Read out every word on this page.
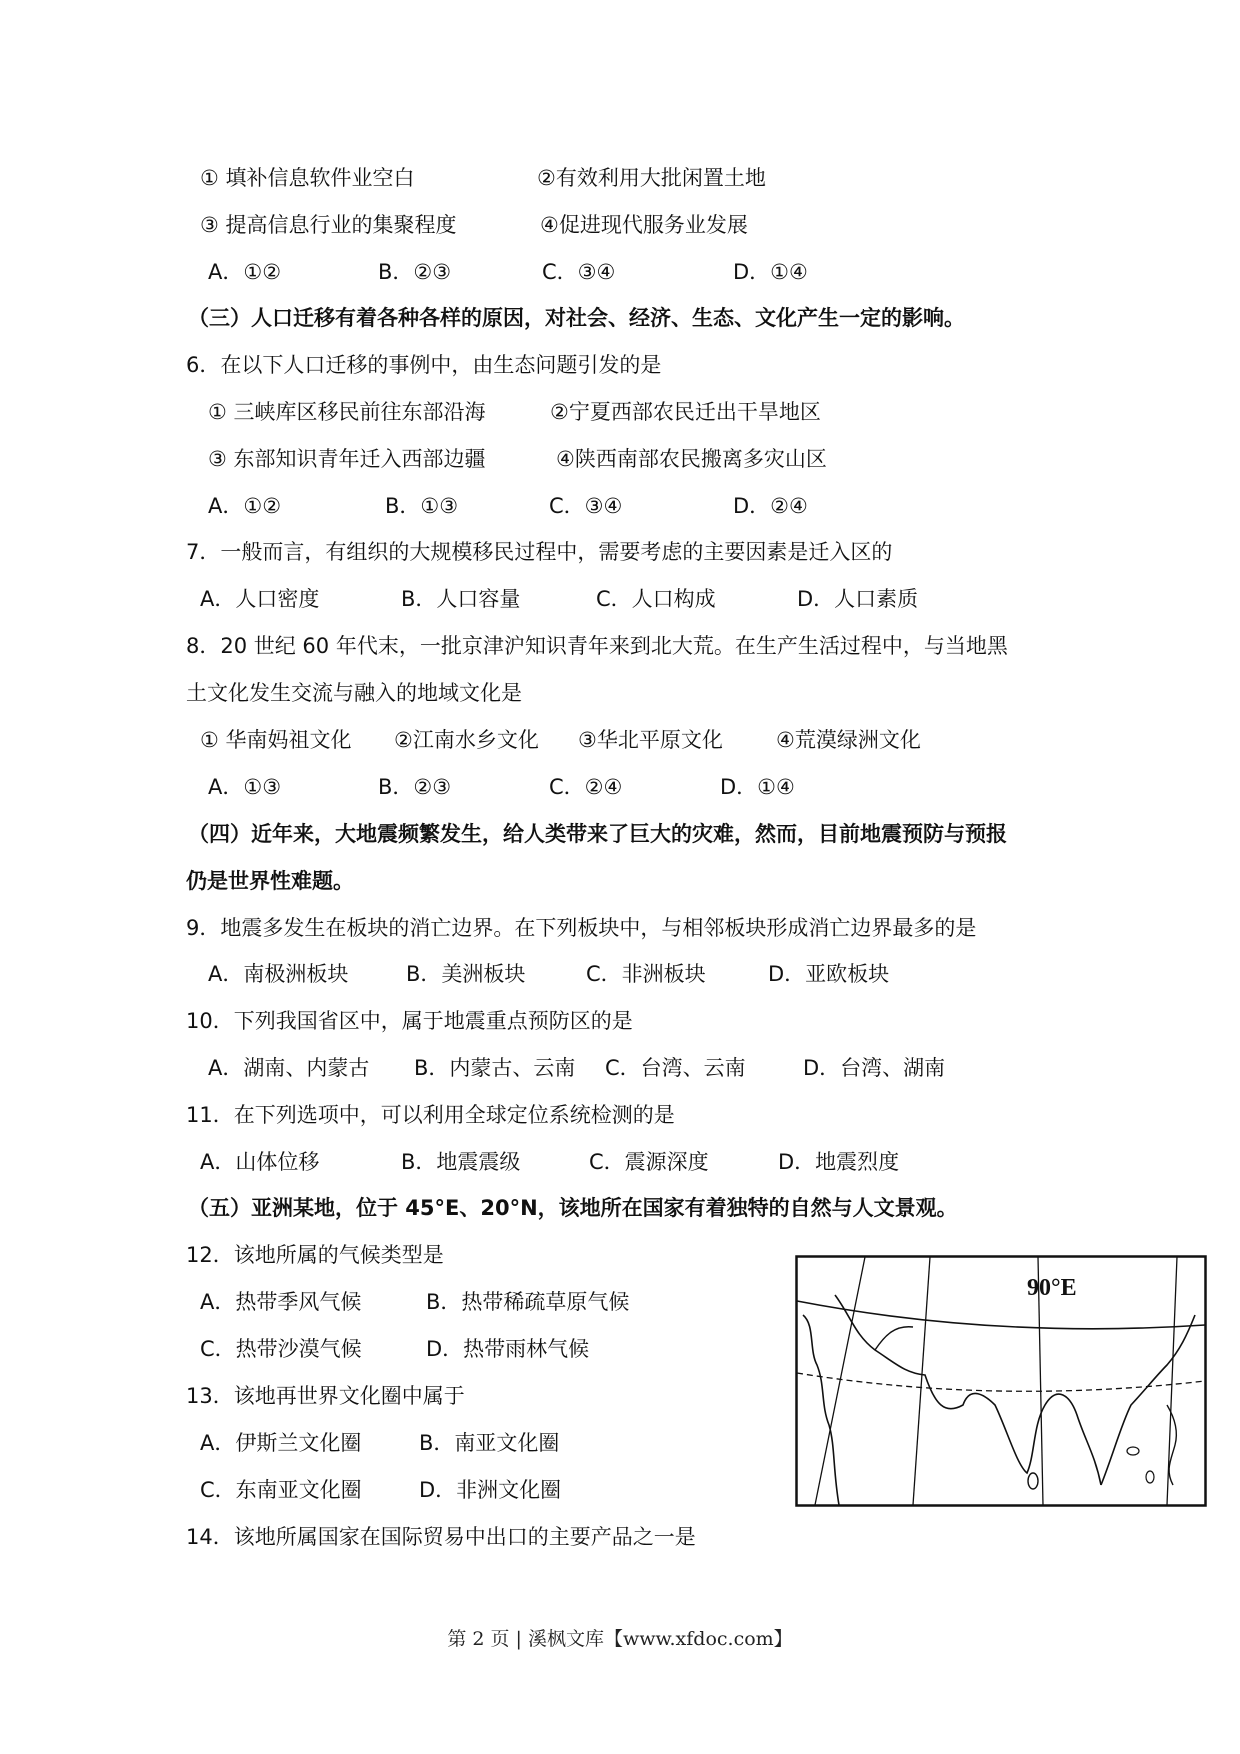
① 填补信息软件业空白

	②有效利用大批闲置土地

③ 提高信息行业的集聚程度

	④促进现代服务业发展

A．①②

	B．②③

	C．③④

	D．①④

（三）人口迁移有着各种各样的原因，对社会、经济、生态、文化产生一定的影响。

6．在以下人口迁移的事例中，由生态问题引发的是

① 三峡库区移民前往东部沿海

	②宁夏西部农民迁出干旱地区

③ 东部知识青年迁入西部边疆

	④陕西南部农民搬离多灾山区

A．①②

	B．①③

	C．③④

	D．②④

7．一般而言，有组织的大规模移民过程中，需要考虑的主要因素是迁入区的

A．人口密度

	B．人口容量

	C．人口构成

	D．人口素质

8．20 世纪 60 年代末，一批京津沪知识青年来到北大荒。在生产生活过程中，与当地黑

土文化发生交流与融入的地域文化是

① 华南妈祖文化

②江南水乡文化

③华北平原文化

	④荒漠绿洲文化

A．①③

	B．②③

	C．②④

	D．①④

（四）近年来，大地震频繁发生，给人类带来了巨大的灾难，然而，目前地震预防与预报

仍是世界性难题。

9．地震多发生在板块的消亡边界。在下列板块中，与相邻板块形成消亡边界最多的是

A．南极洲板块

	B．美洲板块

	C．非洲板块

	D．亚欧板块

10．下列我国省区中，属于地震重点预防区的是

A．湖南、内蒙古

B．内蒙古、云南

C．台湾、云南

	D．台湾、湖南

11．在下列选项中，可以利用全球定位系统检测的是

A．山体位移

	B．地震震级

	C．震源深度

	D．地震烈度

（五）亚洲某地，位于 45°E、20°N，该地所在国家有着独特的自然与人文景观。

12．该地所属的气候类型是

A．热带季风气候

	B．热带稀疏草原气候

C．热带沙漠气候

	D．热带雨林气候

13．该地再世界文化圈中属于

A．伊斯兰文化圈

	B．南亚文化圈

C．东南亚文化圈

	D．非洲文化圈

14．该地所属国家在国际贸易中出口的主要产品之一是

90°E
第 2 页 | 溪枫文库【www.xfdoc.com】
